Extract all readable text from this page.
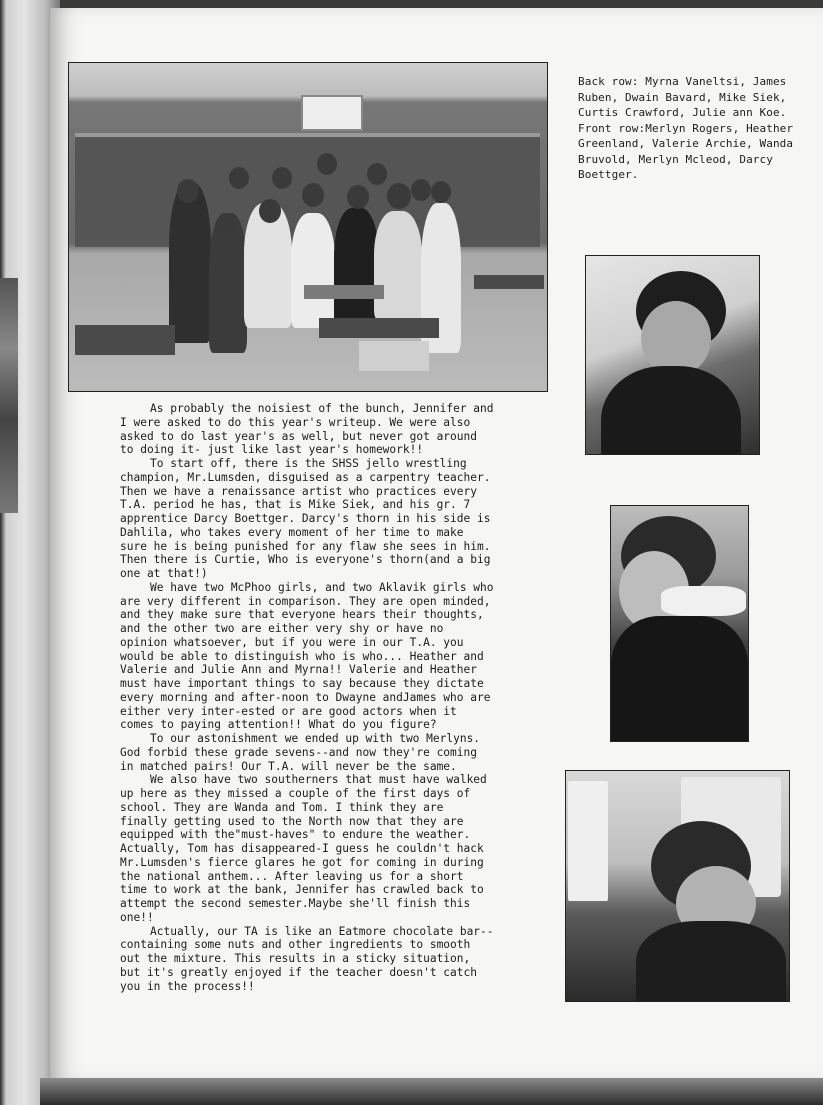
Back row: Myrna Vaneltsi, James Ruben, Dwain Bavard, Mike Siek, Curtis Crawford, Julie ann Koe.

Front row:Merlyn Rogers, Heather Greenland, Valerie Archie, Wanda Bruvold, Merlyn Mcleod, Darcy Boettger.

As probably the noisiest of the bunch, Jennifer and I were asked to do this year's writeup. We were also asked to do last year's as well, but never got around to doing it- just like last year's homework!!

To start off, there is the SHSS jello wrestling champion, Mr.Lumsden, disguised as a carpentry teacher. Then we have a renaissance artist who practices every T.A. period he has, that is Mike Siek, and his gr. 7 apprentice Darcy Boettger. Darcy's thorn in his side is Dahlila, who takes every moment of her time to make sure he is being punished for any flaw she sees in him. Then there is Curtie, Who is everyone's thorn(and a big one at that!)

We have two McPhoo girls, and two Aklavik girls who are very different in comparison. They are open minded, and they make sure that everyone hears their thoughts, and the other two are either very shy or have no opinion whatsoever, but if you were in our T.A. you would be able to distinguish who is who... Heather and Valerie and Julie Ann and Myrna!! Valerie and Heather must have important things to say because they dictate every morning and after-noon to Dwayne andJames who are either very inter-ested or are good actors when it comes to paying attention!! What do you figure?

To our astonishment we ended up with two Merlyns. God forbid these grade sevens--and now they're coming in matched pairs! Our T.A. will never be the same.

We also have two southerners that must have walked up here as they missed a couple of the first days of school. They are Wanda and Tom. I think they are finally getting used to the North now that they are equipped with the"must-haves" to endure the weather. Actually, Tom has disappeared-I guess he couldn't hack Mr.Lumsden's fierce glares he got for coming in during the national anthem... After leaving us for a short time to work at the bank, Jennifer has crawled back to attempt the second semester.Maybe she'll finish this one!!

Actually, our TA is like an Eatmore chocolate bar--containing some nuts and other ingredients to smooth out the mixture. This results in a sticky situation, but it's greatly enjoyed if the teacher doesn't catch you in the process!!
